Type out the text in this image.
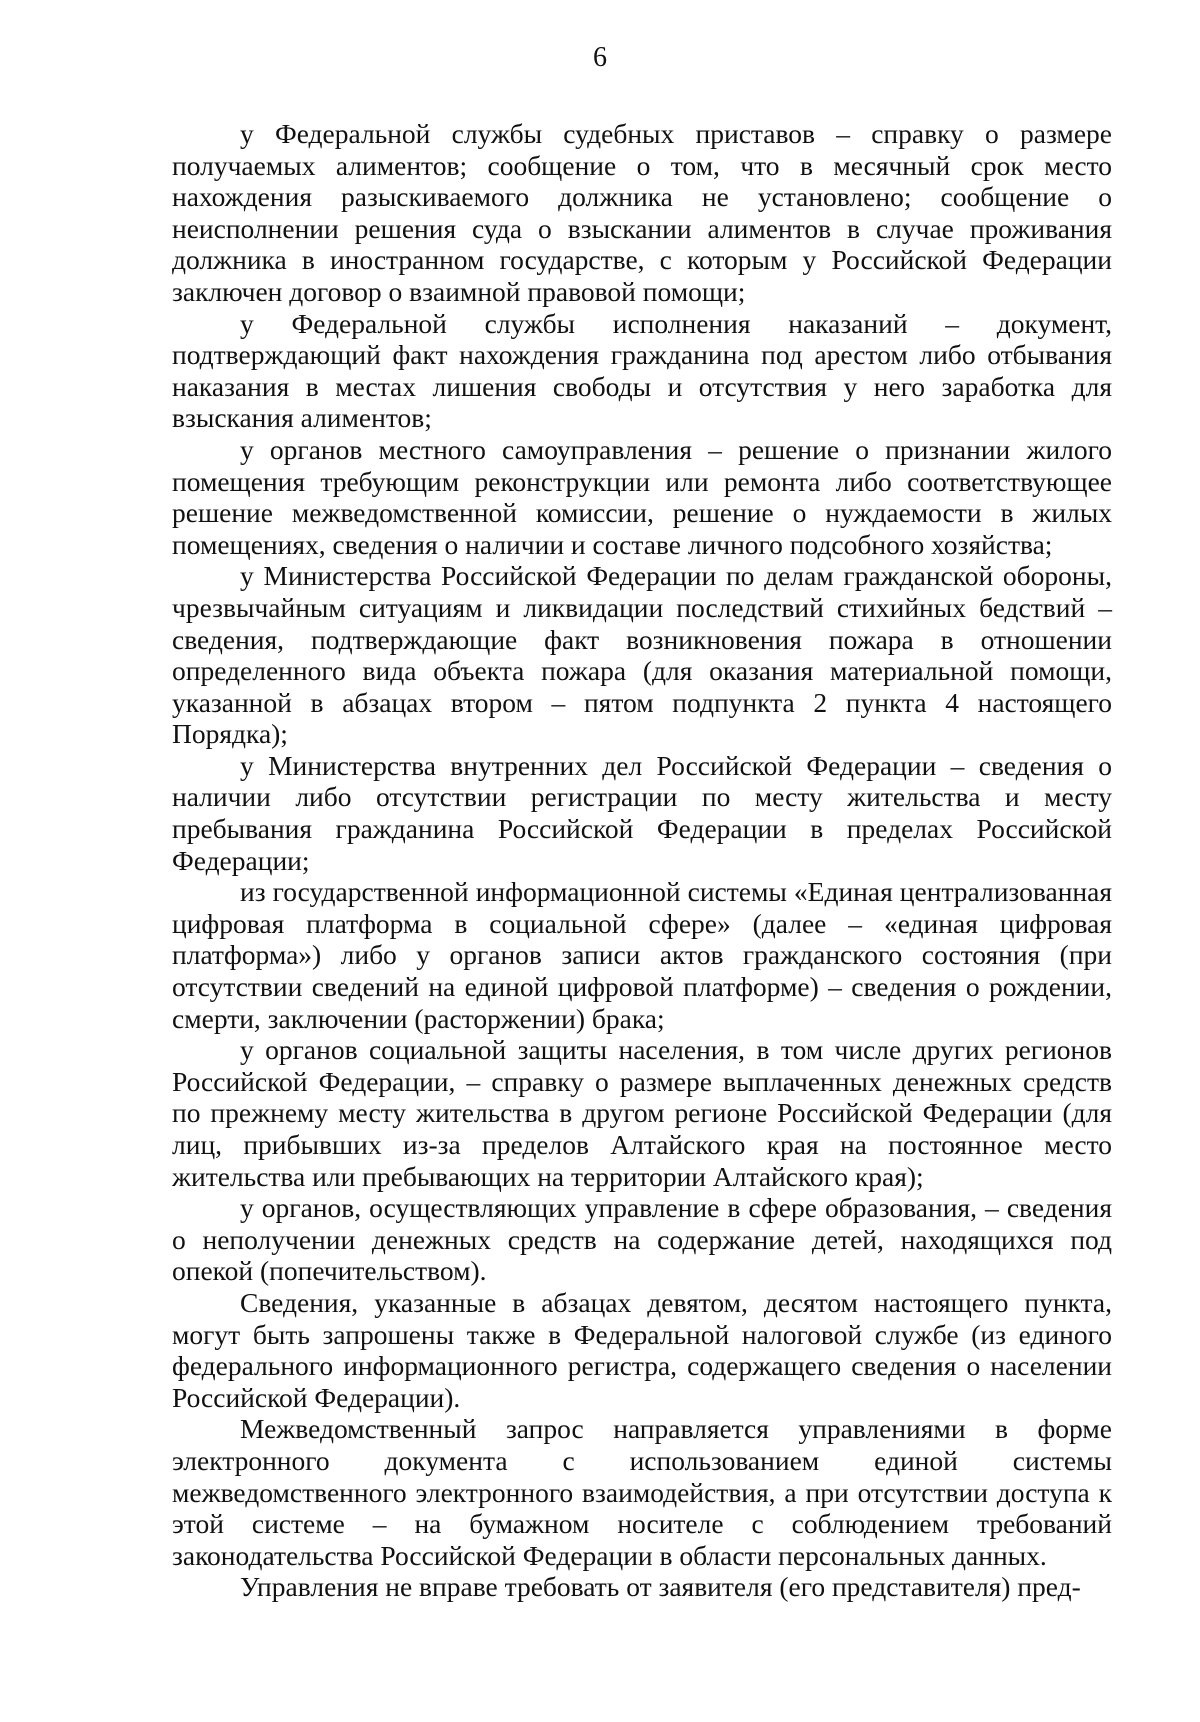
6

у Федеральной службы судебных приставов – справку о размере получаемых алиментов; сообщение о том, что в месячный срок место нахождения разыскиваемого должника не установлено; сообщение о неисполнении решения суда о взыскании алиментов в случае проживания должника в иностранном государстве, с которым у Российской Федерации заключен договор о взаимной правовой помощи;

у Федеральной службы исполнения наказаний – документ, подтверждающий факт нахождения гражданина под арестом либо отбывания наказания в местах лишения свободы и отсутствия у него заработка для взыскания алиментов;

у органов местного самоуправления – решение о признании жилого помещения требующим реконструкции или ремонта либо соответствующее решение межведомственной комиссии, решение о нуждаемости в жилых помещениях, сведения о наличии и составе личного подсобного хозяйства;

у Министерства Российской Федерации по делам гражданской обороны, чрезвычайным ситуациям и ликвидации последствий стихийных бедствий – сведения, подтверждающие факт возникновения пожара в отношении определенного вида объекта пожара (для оказания материальной помощи, указанной в абзацах втором – пятом подпункта 2 пункта 4 настоящего Порядка);

у Министерства внутренних дел Российской Федерации – сведения о наличии либо отсутствии регистрации по месту жительства и месту пребывания гражданина Российской Федерации в пределах Российской Федерации;

из государственной информационной системы «Единая централизованная цифровая платформа в социальной сфере» (далее – «единая цифровая платформа») либо у органов записи актов гражданского состояния (при отсутствии сведений на единой цифровой платформе) – сведения о рождении, смерти, заключении (расторжении) брака;

у органов социальной защиты населения, в том числе других регионов Российской Федерации, – справку о размере выплаченных денежных средств по прежнему месту жительства в другом регионе Российской Федерации (для лиц, прибывших из-за пределов Алтайского края на постоянное место жительства или пребывающих на территории Алтайского края);

у органов, осуществляющих управление в сфере образования, – сведения о неполучении денежных средств на содержание детей, находящихся под опекой (попечительством).

Сведения, указанные в абзацах девятом, десятом настоящего пункта, могут быть запрошены также в Федеральной налоговой службе (из единого федерального информационного регистра, содержащего сведения о населении Российской Федерации).

Межведомственный запрос направляется управлениями в форме электронного документа с использованием единой системы межведомственного электронного взаимодействия, а при отсутствии доступа к этой системе – на бумажном носителе с соблюдением требований законодательства Российской Федерации в области персональных данных.

Управления не вправе требовать от заявителя (его представителя) пред-
